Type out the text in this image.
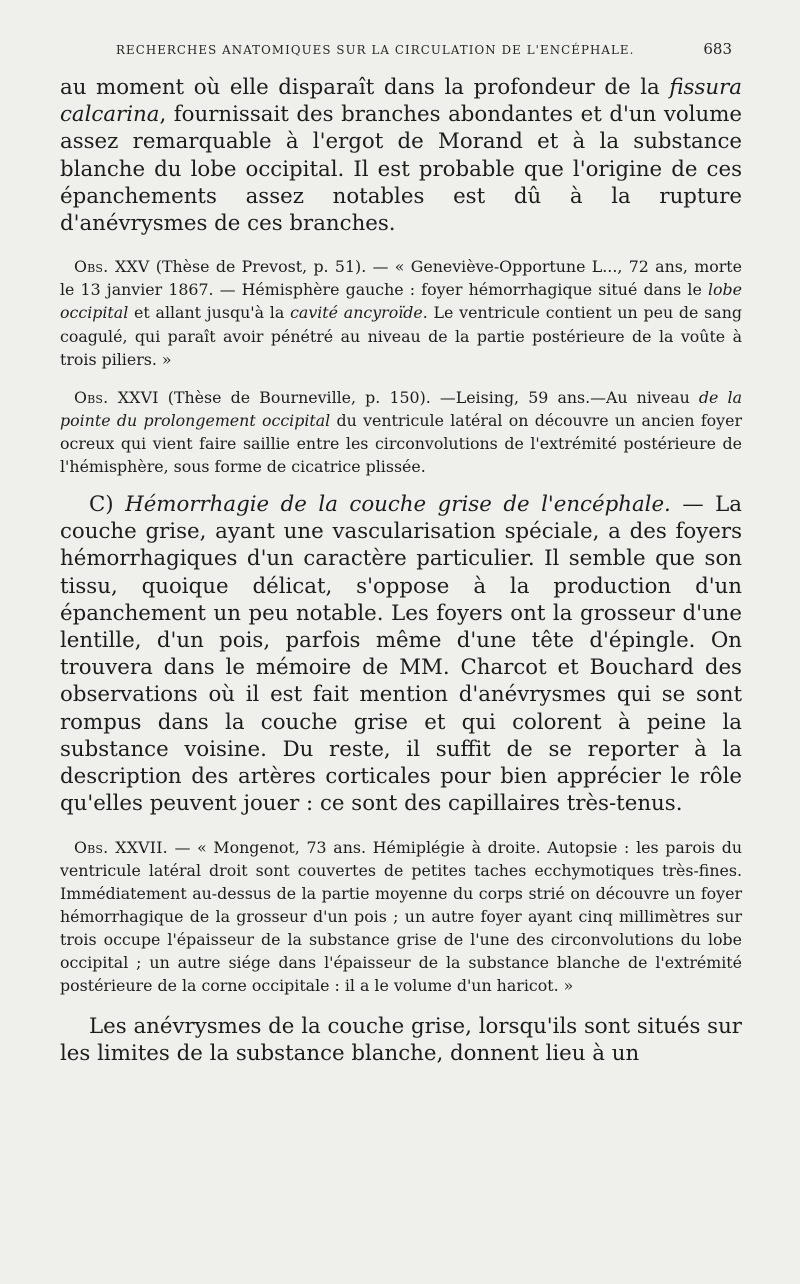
RECHERCHES ANATOMIQUES SUR LA CIRCULATION DE L'ENCÉPHALE.	683

au moment où elle disparaît dans la profondeur de la fissura calcarina, fournissait des branches abondantes et d'un volume assez remarquable à l'ergot de Morand et à la substance blanche du lobe occipital. Il est probable que l'origine de ces épanchements assez notables est dû à la rupture d'anévrysmes de ces branches.

Obs. XXV (Thèse de Prevost, p. 51). — « Geneviève-Opportune L..., 72 ans, morte le 13 janvier 1867. — Hémisphère gauche : foyer hémorrhagique situé dans le lobe occipital et allant jusqu'à la cavité ancyroïde. Le ventricule contient un peu de sang coagulé, qui paraît avoir pénétré au niveau de la partie postérieure de la voûte à trois piliers. »

Obs. XXVI (Thèse de Bourneville, p. 150). —Leising, 59 ans.—Au niveau de la pointe du prolongement occipital du ventricule latéral on découvre un ancien foyer ocreux qui vient faire saillie entre les circonvolutions de l'extrémité postérieure de l'hémisphère, sous forme de cicatrice plissée.

C) Hémorrhagie de la couche grise de l'encéphale. — La couche grise, ayant une vascularisation spéciale, a des foyers hémorrhagiques d'un caractère particulier. Il semble que son tissu, quoique délicat, s'oppose à la production d'un épanchement un peu notable. Les foyers ont la grosseur d'une lentille, d'un pois, parfois même d'une tête d'épingle. On trouvera dans le mémoire de MM. Charcot et Bouchard des observations où il est fait mention d'anévrysmes qui se sont rompus dans la couche grise et qui colorent à peine la substance voisine. Du reste, il suffit de se reporter à la description des artères corticales pour bien apprécier le rôle qu'elles peuvent jouer : ce sont des capillaires très-tenus.

Obs. XXVII. — « Mongenot, 73 ans. Hémiplégie à droite. Autopsie : les parois du ventricule latéral droit sont couvertes de petites taches ecchymotiques très-fines. Immédiatement au-dessus de la partie moyenne du corps strié on découvre un foyer hémorrhagique de la grosseur d'un pois ; un autre foyer ayant cinq millimètres sur trois occupe l'épaisseur de la substance grise de l'une des circonvolutions du lobe occipital ; un autre siége dans l'épaisseur de la substance blanche de l'extrémité postérieure de la corne occipitale : il a le volume d'un haricot. »

Les anévrysmes de la couche grise, lorsqu'ils sont situés sur les limites de la substance blanche, donnent lieu à un
